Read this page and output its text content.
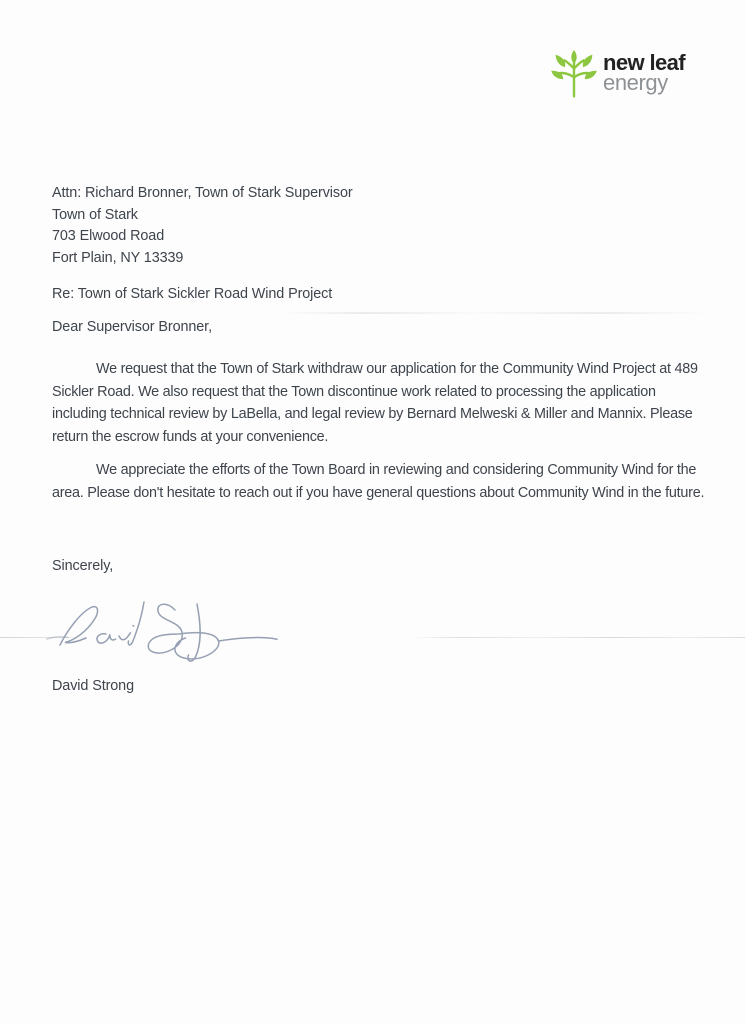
new leaf
energy
Attn: Richard Bronner, Town of Stark Supervisor
Town of Stark
703 Elwood Road
Fort Plain, NY 13339
Re: Town of Stark Sickler Road Wind Project
Dear Supervisor Bronner,

We request that the Town of Stark withdraw our application for the Community Wind Project at 489 Sickler Road. We also request that the Town discontinue work related to processing the application including technical review by LaBella, and legal review by Bernard Melweski & Miller and Mannix. Please return the escrow funds at your convenience.

We appreciate the efforts of the Town Board in reviewing and considering Community Wind for the area. Please don't hesitate to reach out if you have general questions about Community Wind in the future.

Sincerely,
David Strong
